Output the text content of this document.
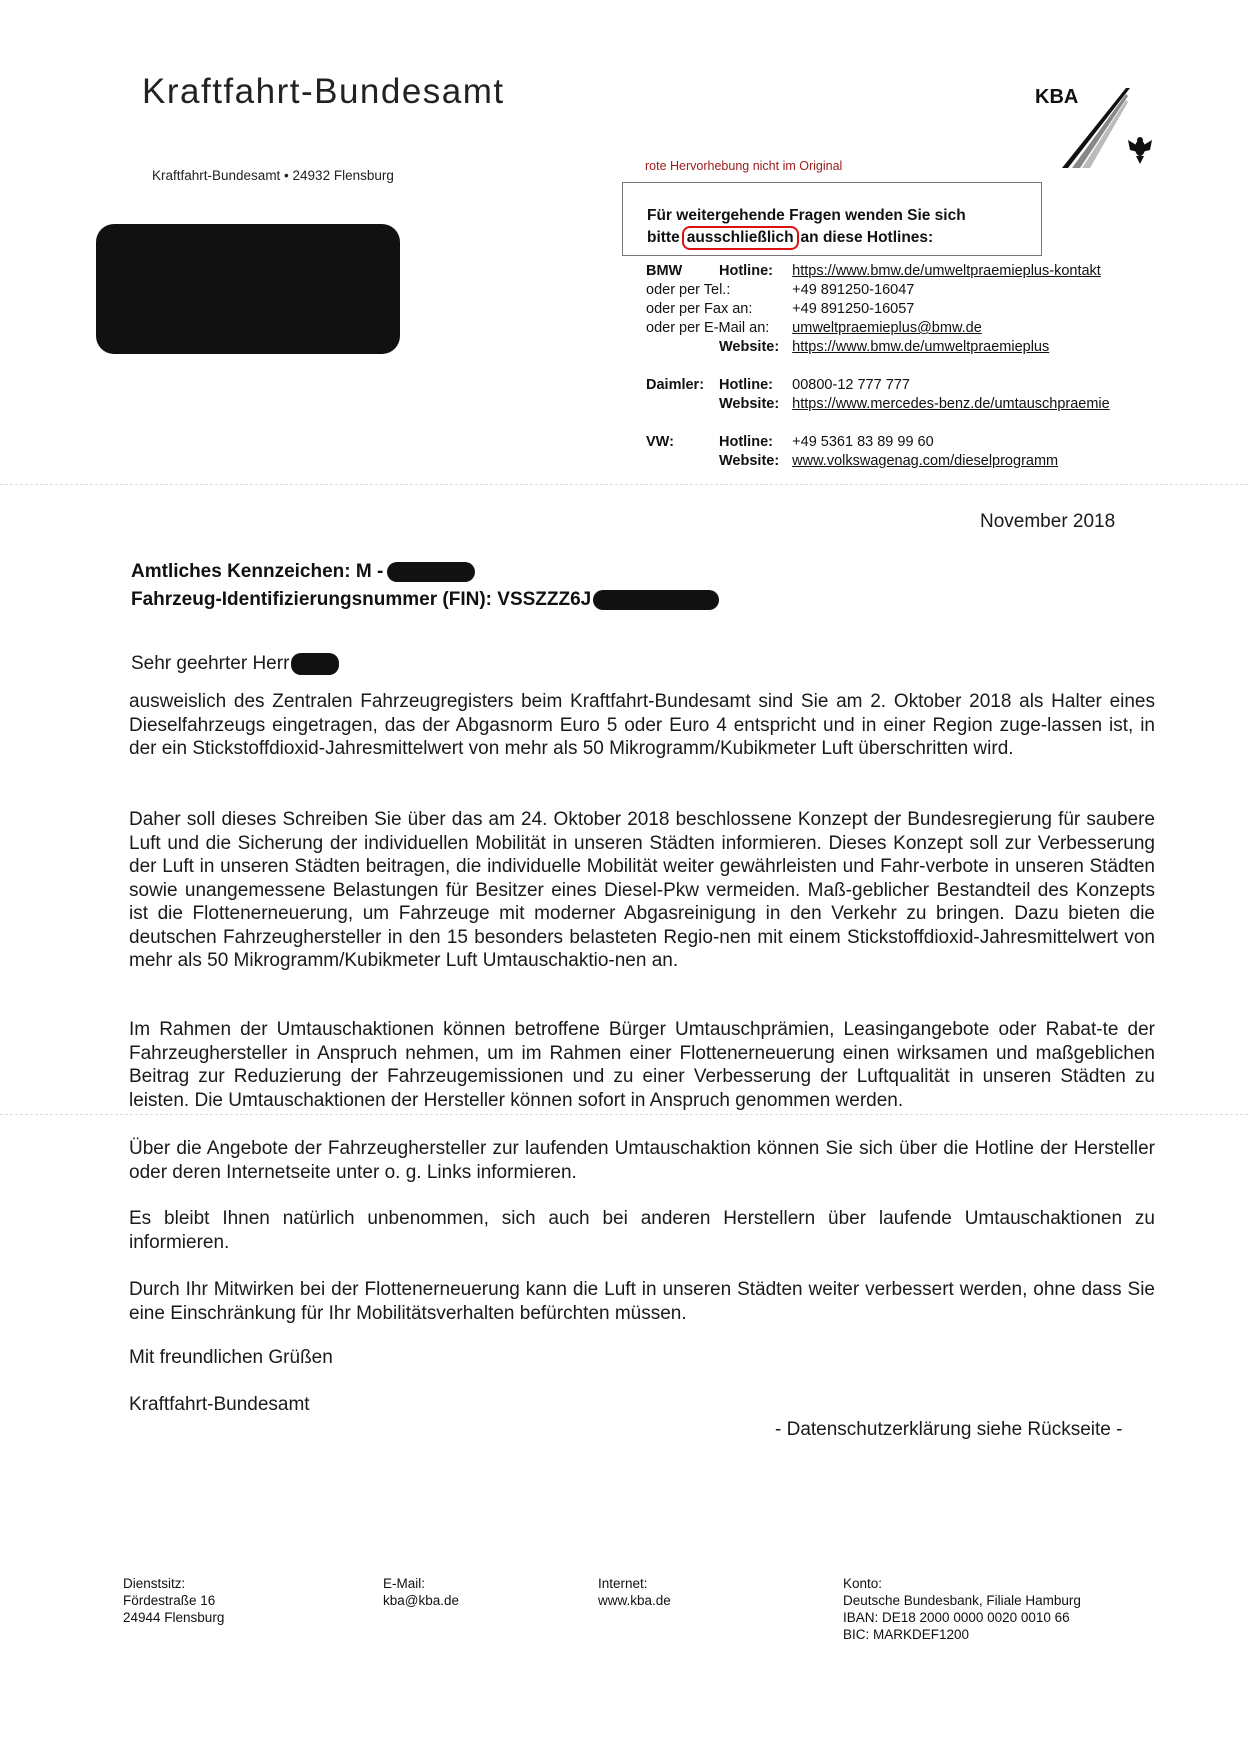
Kraftfahrt-Bundesamt	KBA
Kraftfahrt-Bundesamt • 24932 Flensburg
rote Hervorhebung nicht im Original
Für weitergehende Fragen wenden Sie sich
bitte ausschließlich an diese Hotlines:
BMW	Hotline:	https://www.bmw.de/umweltpraemieplus-kontakt
oder per Tel.:		+49 891250-16047
oder per Fax an:		+49 891250-16057
oder per E-Mail an:		umweltpraemieplus@bmw.de
	Website:	https://www.bmw.de/umweltpraemieplus

Daimler:	Hotline:	00800-12 777 777
	Website:	https://www.mercedes-benz.de/umtauschpraemie

VW:	Hotline:	+49 5361 83 89 99 60
	Website:	www.volkswagenag.com/dieselprogramm
November 2018
Amtliches Kennzeichen: M -
Fahrzeug-Identifizierungsnummer (FIN): VSSZZZ6J
Sehr geehrter Herr
ausweislich des Zentralen Fahrzeugregisters beim Kraftfahrt-Bundesamt sind Sie am 2. Oktober 2018 als Halter eines Dieselfahrzeugs eingetragen, das der Abgasnorm Euro 5 oder Euro 4 entspricht und in einer Region zuge-lassen ist, in der ein Stickstoffdioxid-Jahresmittelwert von mehr als 50 Mikrogramm/Kubikmeter Luft überschritten wird.
Daher soll dieses Schreiben Sie über das am 24. Oktober 2018 beschlossene Konzept der Bundesregierung für saubere Luft und die Sicherung der individuellen Mobilität in unseren Städten informieren. Dieses Konzept soll zur Verbesserung der Luft in unseren Städten beitragen, die individuelle Mobilität weiter gewährleisten und Fahr-verbote in unseren Städten sowie unangemessene Belastungen für Besitzer eines Diesel-Pkw vermeiden. Maß-geblicher Bestandteil des Konzepts ist die Flottenerneuerung, um Fahrzeuge mit moderner Abgasreinigung in den Verkehr zu bringen. Dazu bieten die deutschen Fahrzeughersteller in den 15 besonders belasteten Regio-nen mit einem Stickstoffdioxid-Jahresmittelwert von mehr als 50 Mikrogramm/Kubikmeter Luft Umtauschaktio-nen an.
Im Rahmen der Umtauschaktionen können betroffene Bürger Umtauschprämien, Leasingangebote oder Rabat-te der Fahrzeughersteller in Anspruch nehmen, um im Rahmen einer Flottenerneuerung einen wirksamen und maßgeblichen Beitrag zur Reduzierung der Fahrzeugemissionen und zu einer Verbesserung der Luftqualität in unseren Städten zu leisten. Die Umtauschaktionen der Hersteller können sofort in Anspruch genommen werden.
Über die Angebote der Fahrzeughersteller zur laufenden Umtauschaktion können Sie sich über die Hotline der Hersteller oder deren Internetseite unter o. g. Links informieren.
Es bleibt Ihnen natürlich unbenommen, sich auch bei anderen Herstellern über laufende Umtauschaktionen zu informieren.
Durch Ihr Mitwirken bei der Flottenerneuerung kann die Luft in unseren Städten weiter verbessert werden, ohne dass Sie eine Einschränkung für Ihr Mobilitätsverhalten befürchten müssen.
Mit freundlichen Grüßen
Kraftfahrt-Bundesamt
- Datenschutzerklärung siehe Rückseite -
Dienstsitz:
Fördestraße 16
24944 Flensburg
E-Mail:
kba@kba.de
Internet:
www.kba.de
Konto:
Deutsche Bundesbank, Filiale Hamburg
IBAN: DE18 2000 0000 0020 0010 66
BIC: MARKDEF1200
